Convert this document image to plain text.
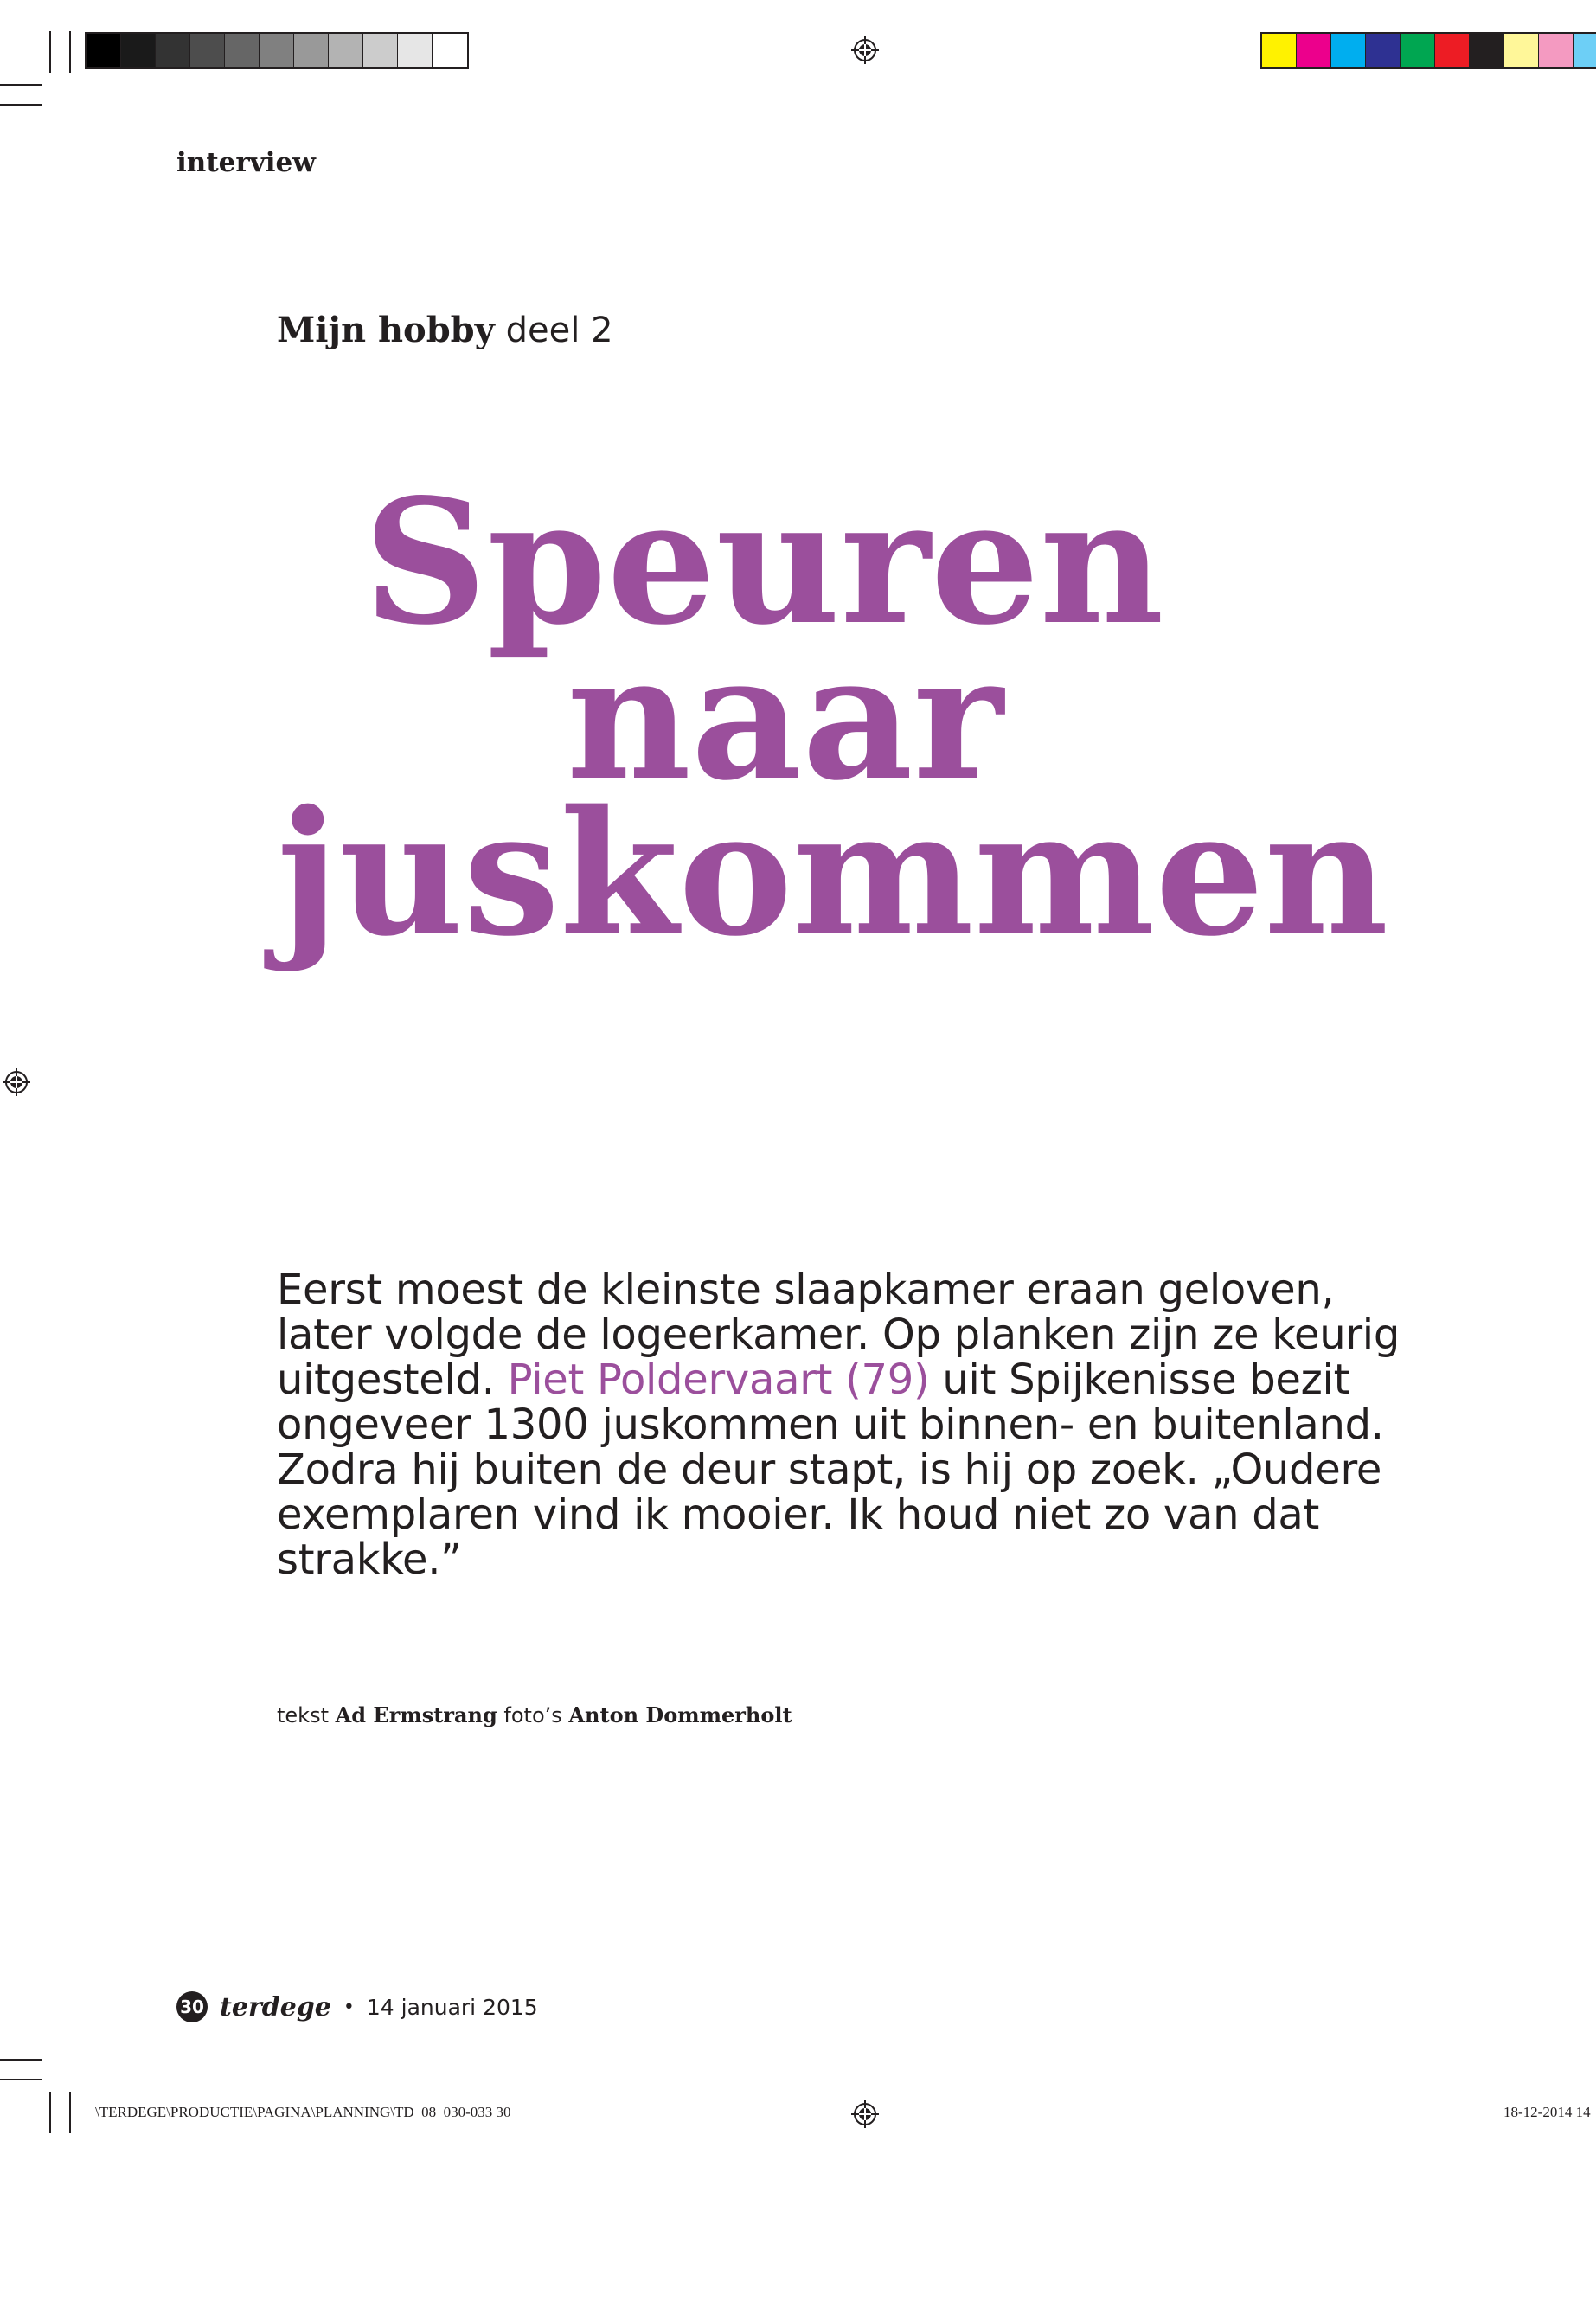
interview
Mijn hobby deel 2
Speuren
naar
juskommen
Eerst moest de kleinste slaapkamer eraan geloven, later volgde de logeerkamer. Op planken zijn ze keurig uitgesteld. Piet Poldervaart (79) uit Spijkenisse bezit ongeveer 1300 juskommen uit binnen- en buitenland. Zodra hij buiten de deur stapt, is hij op zoek. „Oudere exemplaren vind ik mooier. Ik houd niet zo van dat strakke.”
tekst Ad Ermstrang foto’s Anton Dommerholt
30 terdege • 14 januari 2015
\TERDEGE\PRODUCTIE\PAGINA\PLANNING\TD_08_030-033 30	18-12-2014 14
